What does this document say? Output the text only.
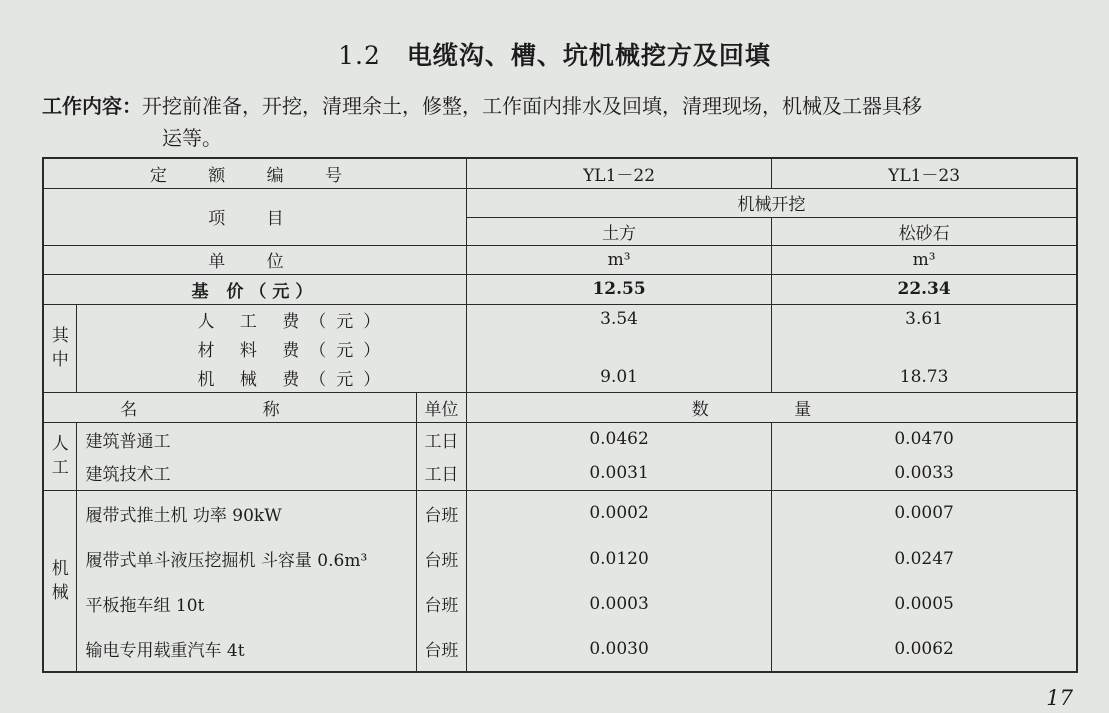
1.2 电缆沟、槽、坑机械挖方及回填
工作内容：开挖前准备，开挖，清理余土，修整，工作面内排水及回填，清理现场，机械及工器具移
运等。
定 额 编 号			YL1－22	YL1－23
项 目			机械开挖	
			土方	松砂石
单 位			m³	m³
基 价（元）			12.55	22.34
其中	人 工 费（元）		3.54	3.61
	材 料 费（元）			
	机 械 费（元）		9.01	18.73
名 称		单位	数 量	
人工	建筑普通工	工日	0.0462	0.0470
	建筑技术工	工日	0.0031	0.0033
机械	履带式推土机 功率 90kW	台班	0.0002	0.0007
	履带式单斗液压挖掘机 斗容量 0.6m³	台班	0.0120	0.0247
	平板拖车组 10t	台班	0.0003	0.0005
	输电专用载重汽车 4t	台班	0.0030	0.0062
17
